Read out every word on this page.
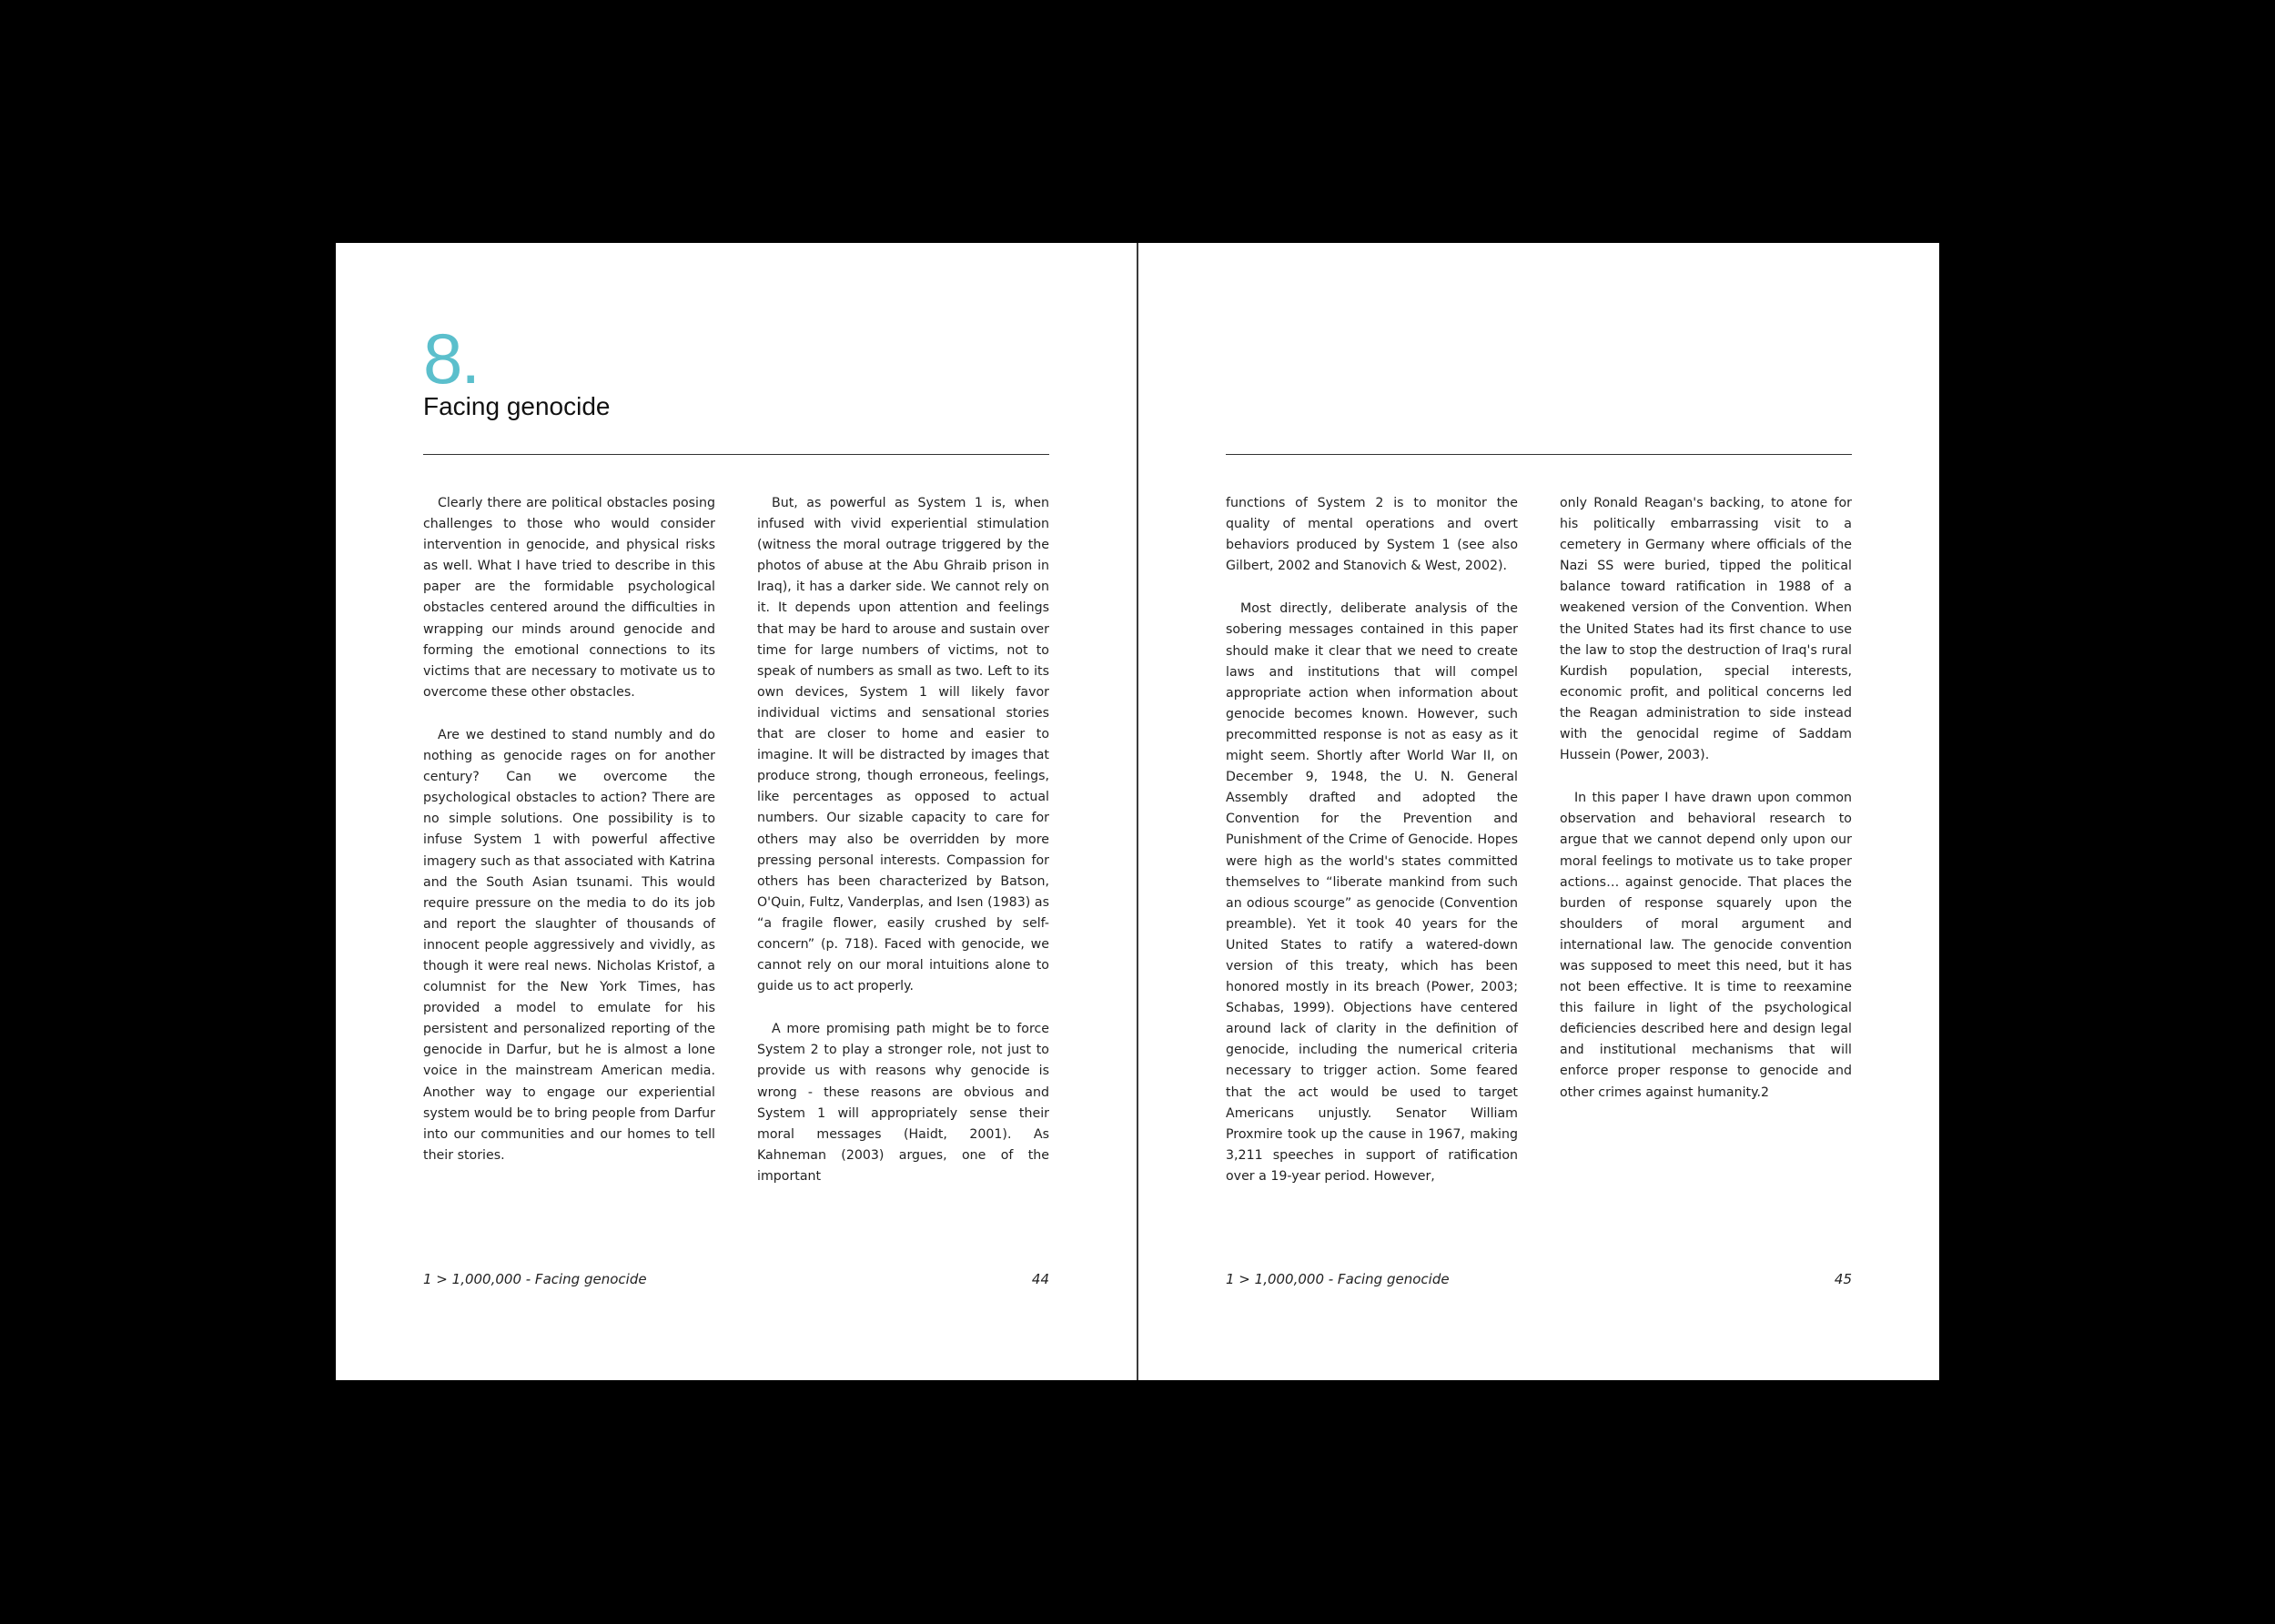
8.
Facing genocide

Clearly there are political obstacles posing challenges to those who would consider intervention in genocide, and physical risks as well. What I have tried to describe in this paper are the formidable psychological obstacles centered around the difficulties in wrapping our minds around genocide and forming the emotional connections to its victims that are necessary to motivate us to overcome these other obstacles.

Are we destined to stand numbly and do nothing as genocide rages on for another century? Can we overcome the psychological obstacles to action? There are no simple solutions. One possibility is to infuse System 1 with powerful affective imagery such as that associated with Katrina and the South Asian tsunami. This would require pressure on the media to do its job and report the slaughter of thousands of innocent people aggressively and vividly, as though it were real news. Nicholas Kristof, a columnist for the New York Times, has provided a model to emulate for his persistent and personalized reporting of the genocide in Darfur, but he is almost a lone voice in the mainstream American media. Another way to engage our experiential system would be to bring people from Darfur into our communities and our homes to tell their stories.

But, as powerful as System 1 is, when infused with vivid experiential stimulation (witness the moral outrage triggered by the photos of abuse at the Abu Ghraib prison in Iraq), it has a darker side. We cannot rely on it. It depends upon attention and feelings that may be hard to arouse and sustain over time for large numbers of victims, not to speak of numbers as small as two. Left to its own devices, System 1 will likely favor individual victims and sensational stories that are closer to home and easier to imagine. It will be distracted by images that produce strong, though erroneous, feelings, like percentages as opposed to actual numbers. Our sizable capacity to care for others may also be overridden by more pressing personal interests. Compassion for others has been characterized by Batson, O'Quin, Fultz, Vanderplas, and Isen (1983) as “a fragile flower, easily crushed by self-concern” (p. 718). Faced with genocide, we cannot rely on our moral intuitions alone to guide us to act properly.

A more promising path might be to force System 2 to play a stronger role, not just to provide us with reasons why genocide is wrong - these reasons are obvious and System 1 will appropriately sense their moral messages (Haidt, 2001). As Kahneman (2003) argues, one of the important

1 > 1,000,000 - Facing genocide	44

functions of System 2 is to monitor the quality of mental operations and overt behaviors produced by System 1 (see also Gilbert, 2002 and Stanovich & West, 2002).

Most directly, deliberate analysis of the sobering messages contained in this paper should make it clear that we need to create laws and institutions that will compel appropriate action when information about genocide becomes known. However, such precommitted response is not as easy as it might seem. Shortly after World War II, on December 9, 1948, the U. N. General Assembly drafted and adopted the Convention for the Prevention and Punishment of the Crime of Genocide. Hopes were high as the world's states committed themselves to “liberate mankind from such an odious scourge” as genocide (Convention preamble). Yet it took 40 years for the United States to ratify a watered-down version of this treaty, which has been honored mostly in its breach (Power, 2003; Schabas, 1999). Objections have centered around lack of clarity in the definition of genocide, including the numerical criteria necessary to trigger action. Some feared that the act would be used to target Americans unjustly. Senator William Proxmire took up the cause in 1967, making 3,211 speeches in support of ratification over a 19-year period. However,

only Ronald Reagan's backing, to atone for his politically embarrassing visit to a cemetery in Germany where officials of the Nazi SS were buried, tipped the political balance toward ratification in 1988 of a weakened version of the Convention. When the United States had its first chance to use the law to stop the destruction of Iraq's rural Kurdish population, special interests, economic profit, and political concerns led the Reagan administration to side instead with the genocidal regime of Saddam Hussein (Power, 2003).

In this paper I have drawn upon common observation and behavioral research to argue that we cannot depend only upon our moral feelings to motivate us to take proper actions… against genocide. That places the burden of response squarely upon the shoulders of moral argument and international law. The genocide convention was supposed to meet this need, but it has not been effective. It is time to reexamine this failure in light of the psychological deficiencies described here and design legal and institutional mechanisms that will enforce proper response to genocide and other crimes against humanity.2

1 > 1,000,000 - Facing genocide	45
